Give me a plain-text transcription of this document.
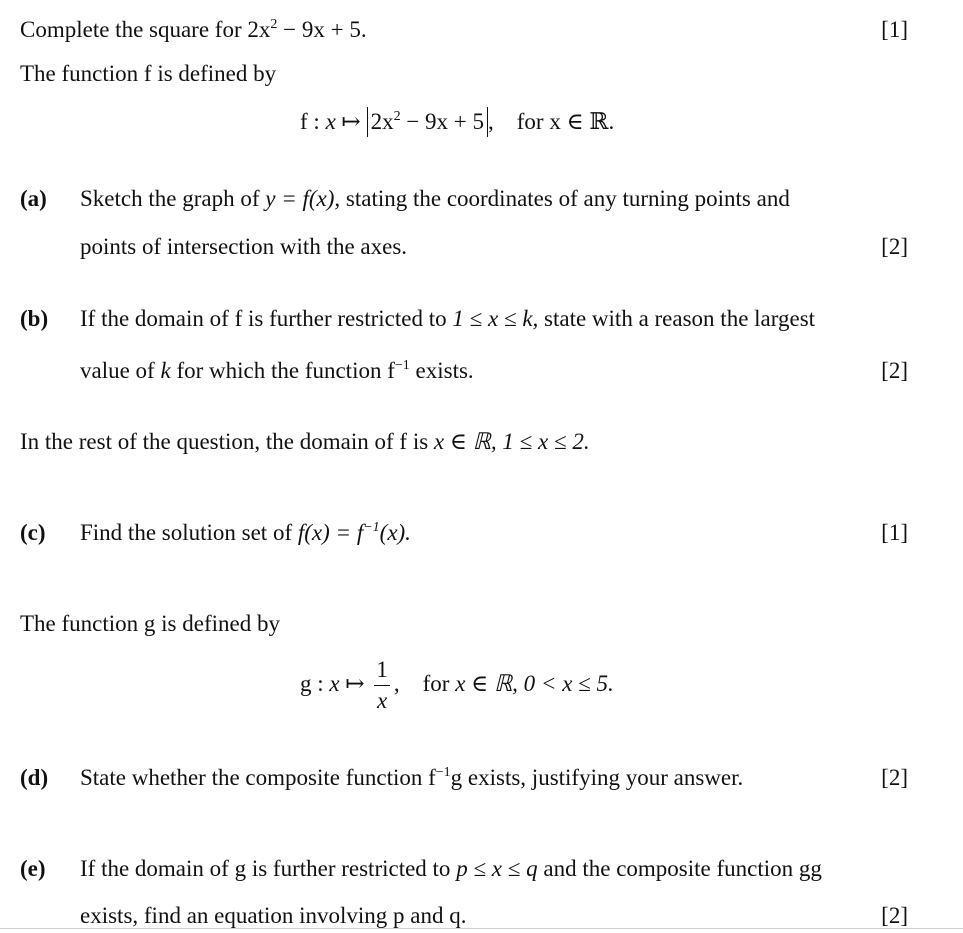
Complete the square for $2x^2 - 9x + 5$.	[1]
The function f is defined by
f : x ↦ $2x^2 - 9x + 5$ , for x ∈ ℝ.
(a) Sketch the graph of y = f(x), stating the coordinates of any turning points and
points of intersection with the axes.	[2]
(b) If the domain of f is further restricted to 1 ≤ x ≤ k, state with a reason the largest
value of k for which the function $f^{-1}$ exists.	[2]
In the rest of the question, the domain of f is x ∈ ℝ, 1 ≤ x ≤ 2.
(c) Find the solution set of $f(x) = f^{-1}(x)$.	[1]
The function g is defined by
g : x ↦ $\frac{1}{x}$ , for x ∈ ℝ, 0 < x ≤ 5.
(d) State whether the composite function $f^{-1}g$ exists, justifying your answer.	[2]
(e) If the domain of g is further restricted to p ≤ x ≤ q and the composite function gg
exists, find an equation involving p and q.	[2]
